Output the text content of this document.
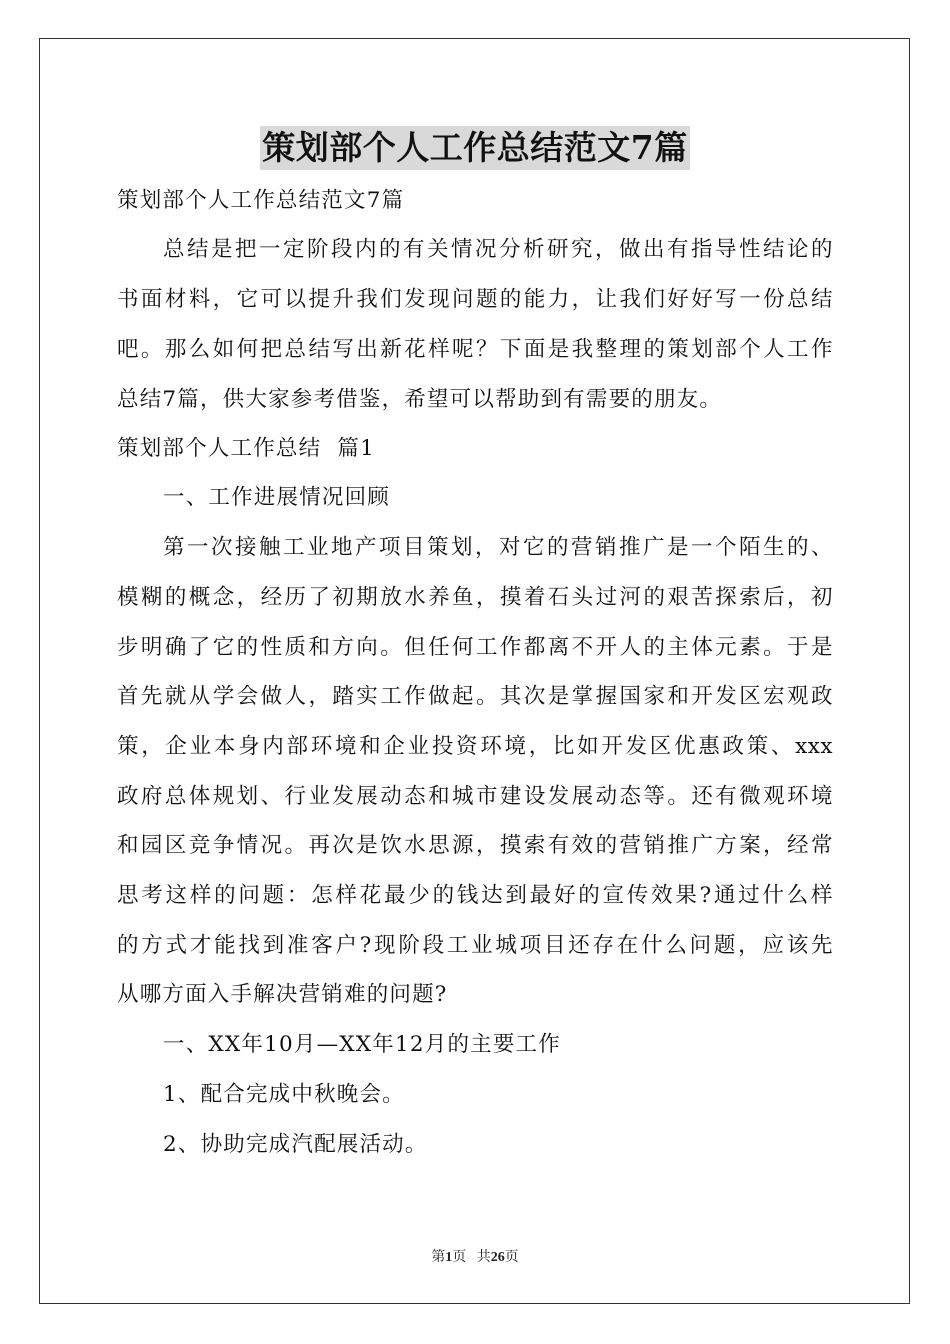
策划部个人工作总结范文7篇
策划部个人工作总结范文7篇
总结是把一定阶段内的有关情况分析研究，做出有指导性结论的
书面材料，它可以提升我们发现问题的能力，让我们好好写一份总结
吧。那么如何把总结写出新花样呢？下面是我整理的策划部个人工作
总结7篇，供大家参考借鉴，希望可以帮助到有需要的朋友。
策划部个人工作总结  篇1
一、工作进展情况回顾
第一次接触工业地产项目策划，对它的营销推广是一个陌生的、
模糊的概念，经历了初期放水养鱼，摸着石头过河的艰苦探索后，初
步明确了它的性质和方向。但任何工作都离不开人的主体元素。于是
首先就从学会做人，踏实工作做起。其次是掌握国家和开发区宏观政
策，企业本身内部环境和企业投资环境，比如开发区优惠政策、xxx
政府总体规划、行业发展动态和城市建设发展动态等。还有微观环境
和园区竞争情况。再次是饮水思源，摸索有效的营销推广方案，经常
思考这样的问题：怎样花最少的钱达到最好的宣传效果?通过什么样
的方式才能找到准客户?现阶段工业城项目还存在什么问题，应该先
从哪方面入手解决营销难的问题?
一、XX年10月—XX年12月的主要工作
1、配合完成中秋晚会。
2、协助完成汽配展活动。
第1页   共26页
